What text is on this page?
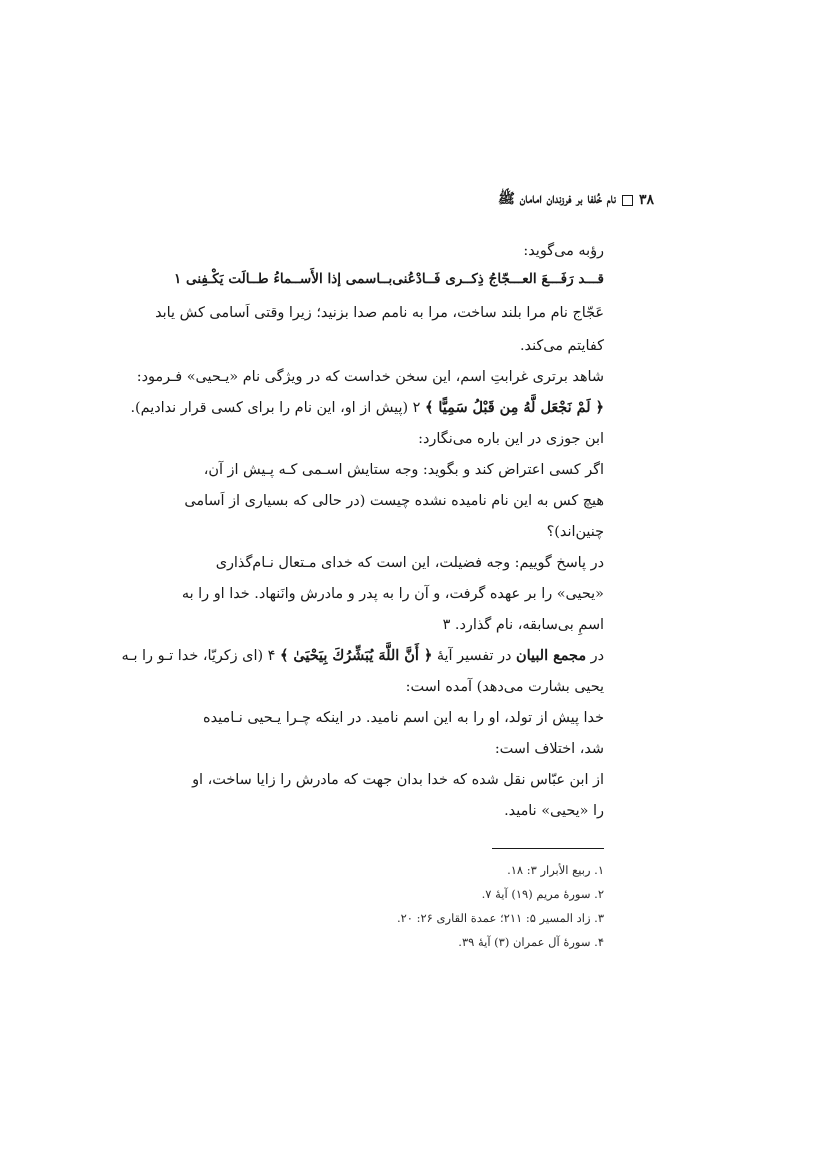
۳۸
نام خُلفا بر فرزندان امامان ﷺ
رؤبه می‌گوید:
قـــد رَفَـــعَ العـــجّاجُ ذِكــرى فَــادْعُنى
بــاسمى إذا الأَســماءُ طــالَت يَكْـفِنى ۱
عَجّاج نام مرا بلند ساخت، مرا به نامم صدا بزنید؛ زیرا وقتی اَسامی کش یابد
کفایتم می‌کند.
شاهد برتری غرابتِ اسم، این سخن خداست که در ویژگی نام «یـحیی» فـرمود:
﴿ لَمْ نَجْعَل لَّهُ مِن قَبْلُ سَمِيًّا ﴾ ۲ (پیش از او، این نام را برای کسی قرار ندادیم).
ابن جوزی در این باره می‌نگارد:
اگر کسی اعتراض کند و بگوید: وجه ستایش اسـمی کـه پـیش از آن،
هیچ کس به این نام نامیده نشده چیست (در حالی که بسیاری از اَسامی
چنین‌اند)؟
در پاسخ گوییم: وجه فضیلت، این است که خدای مـتعال نـام‌گذاری
«یحیی» را بر عهده گرفت، و آن را به پدر و مادرش وانَنهاد. خدا او را به
اسمِ بی‌سابقه، نام گذارد. ۳
در مجمع البيان در تفسیر آیهٔ ﴿ أَنَّ اللَّهَ يُبَشِّرُكَ بِيَحْيَىٰ ﴾ ۴ (ای زکریّا، خدا تـو را بـه
یحیی بشارت می‌دهد) آمده است:
خدا پیش از تولد، او را به این اسم نامید. در اینکه چـرا یـحیی نـامیده
شد، اختلاف است:
از ابن عبّاس نقل شده که خدا بدان جهت که مادرش را زایا ساخت، او
را «یحیی» نامید.
۱. ربیع الأبرار ۳: ۱۸.
۲. سورهٔ مریم (۱۹) آیهٔ ۷.
۳. زاد المسیر ۵: ۲۱۱؛ عمدة القاری ۲۶: ۲۰.
۴. سورهٔ آل عمران (۳) آیهٔ ۳۹.
